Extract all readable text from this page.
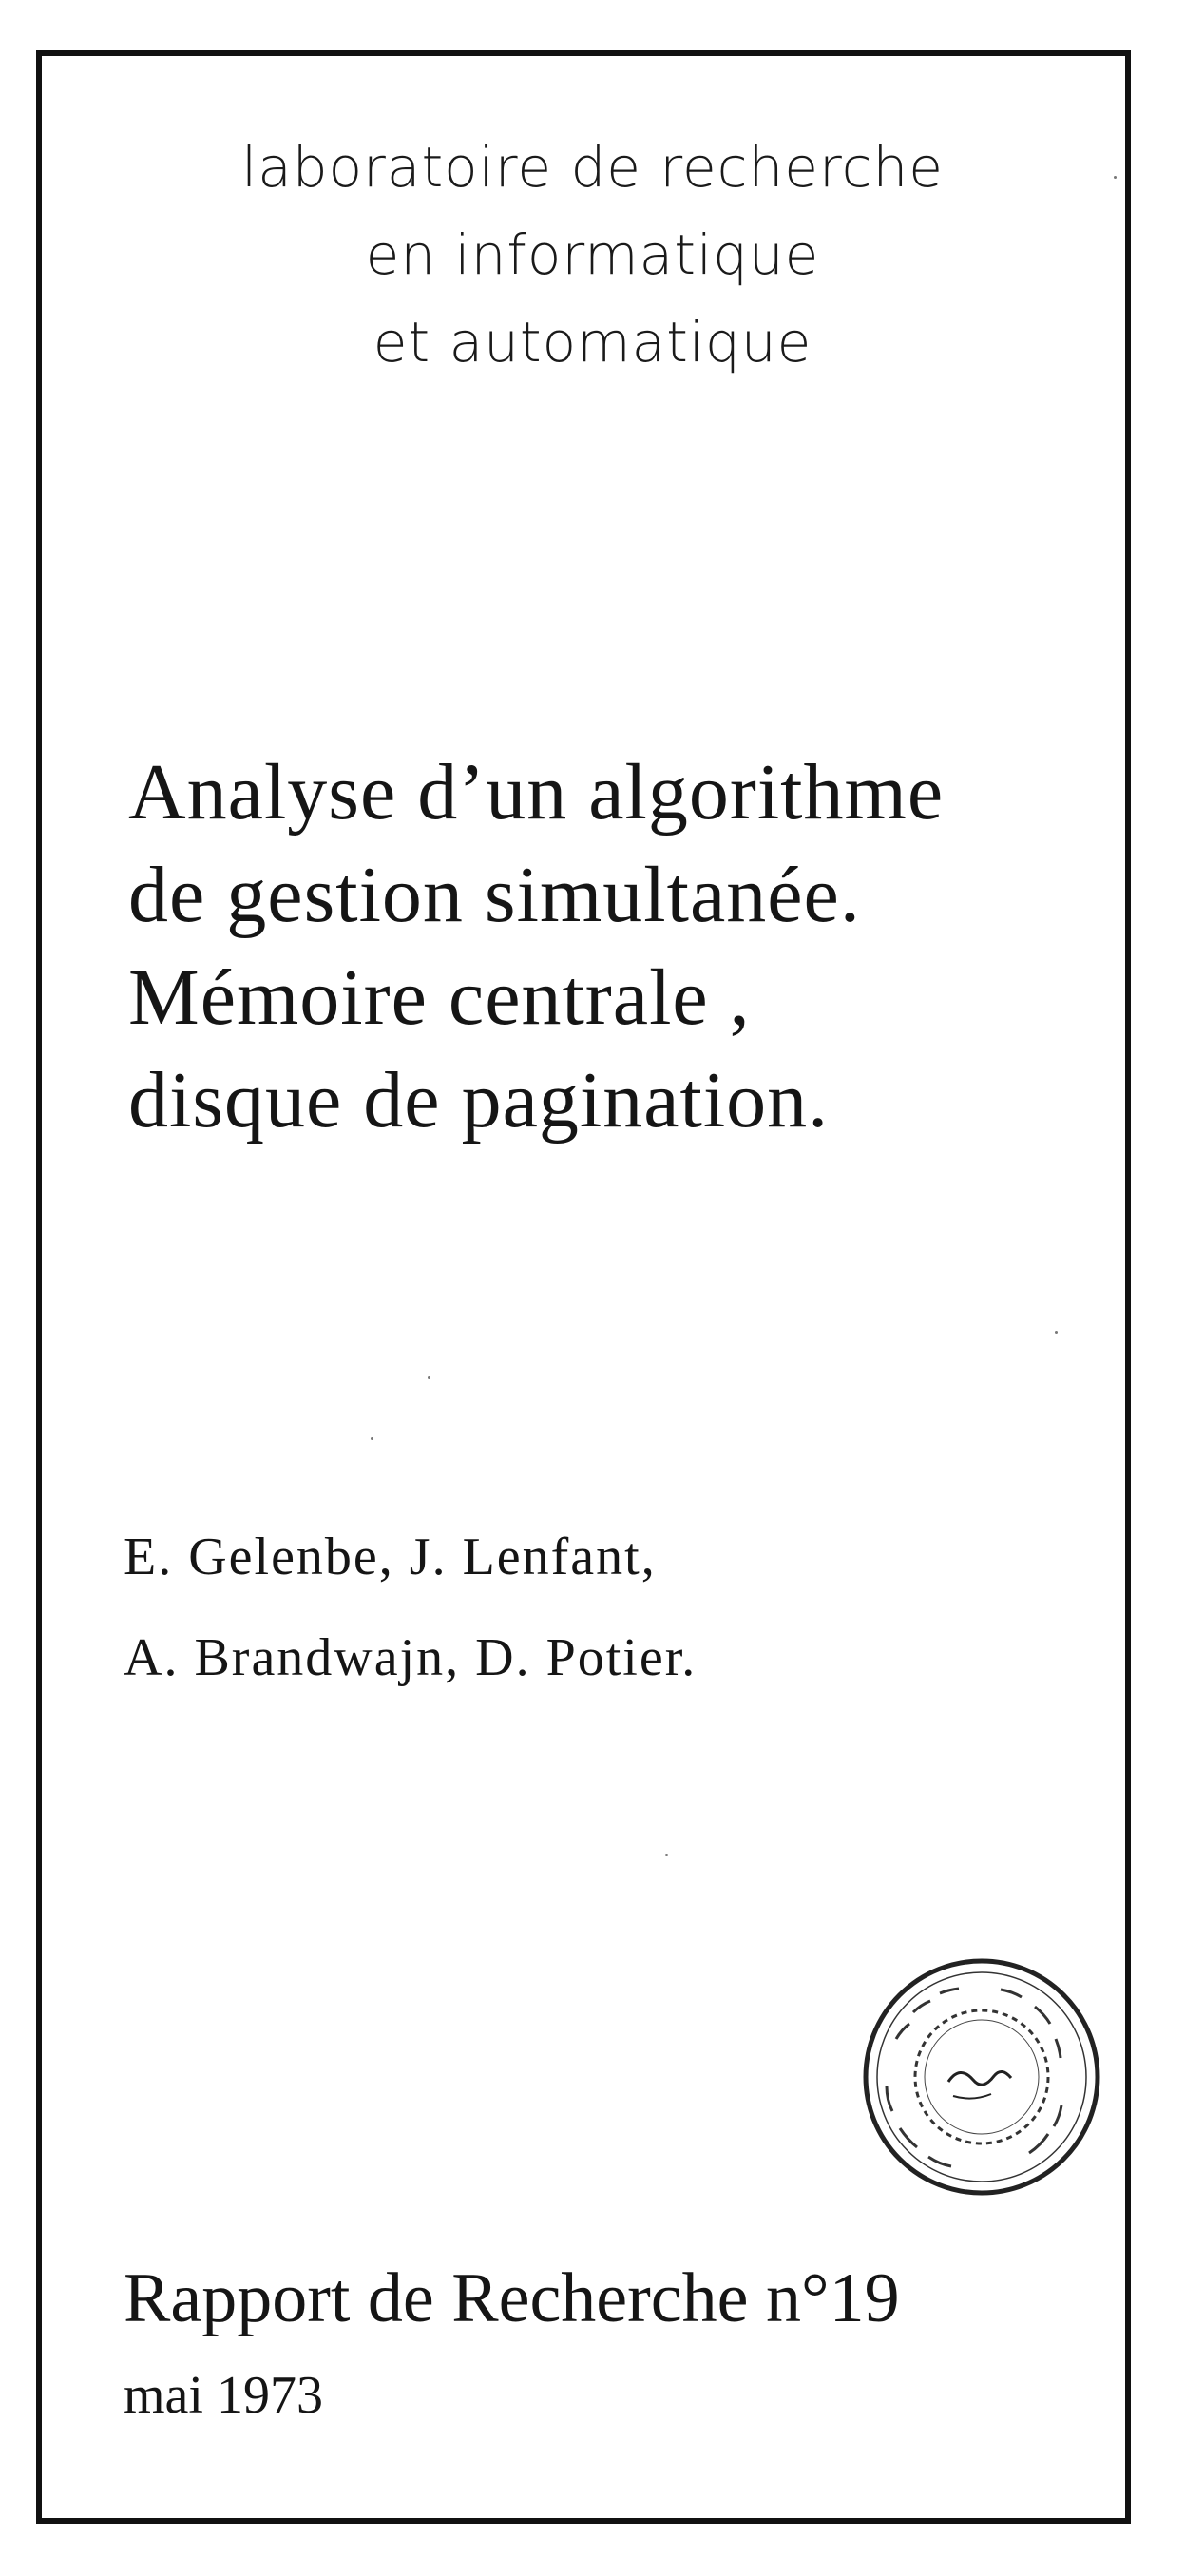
laboratoire de recherche
en informatique
et automatique
Analyse d’un algorithme
de gestion simultanée.
Mémoire centrale ,
disque de pagination.
E. Gelenbe, J. Lenfant,
A. Brandwajn, D. Potier.
Rapport de Recherche n°19
mai 1973
